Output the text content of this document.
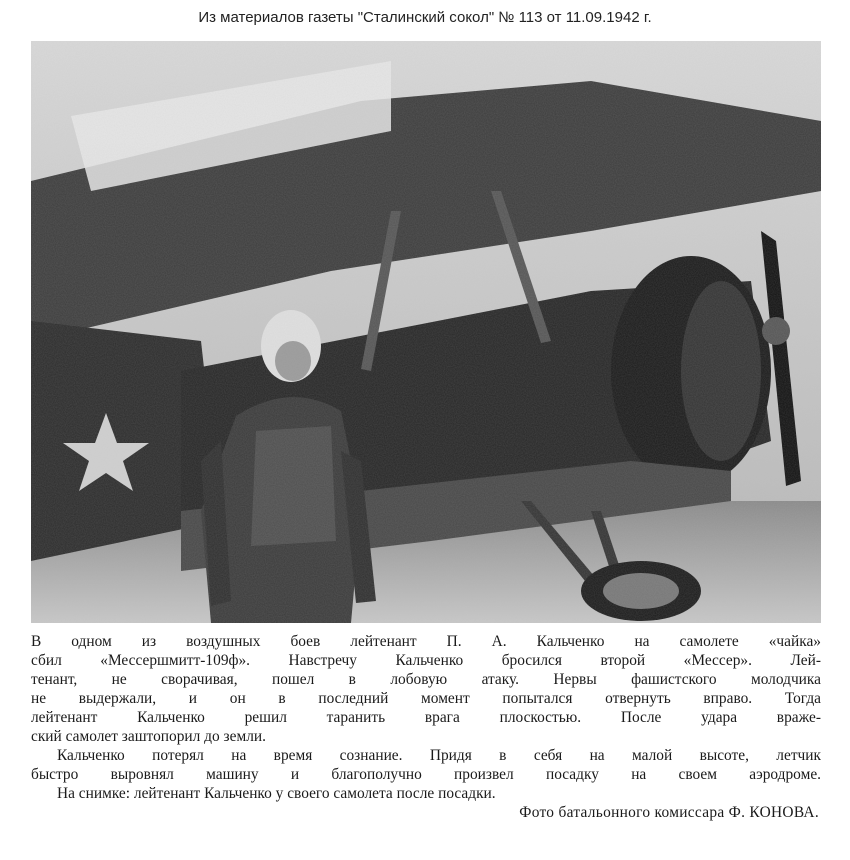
Из материалов газеты "Сталинский сокол" № 113 от 11.09.1942 г.

В одном из воздушных боев лейтенант П. А. Кальченко на самолете «чайка»
сбил «Мессершмитт-109ф». Навстречу Кальченко бросился второй «Мессер». Лей-
тенант, не сворачивая, пошел в лобовую атаку. Нервы фашистского молодчика
не выдержали, и он в последний момент попытался отвернуть вправо. Тогда
лейтенант Кальченко решил таранить врага плоскостью. После удара враже-
ский самолет заштопорил до земли.

Кальченко потерял на время сознание. Придя в себя на малой высоте, летчик
быстро выровнял машину и благополучно произвел посадку на своем аэродроме.

На снимке: лейтенант Кальченко у своего самолета после посадки.
Фото батальонного комиссара Ф. КОНОВА.
